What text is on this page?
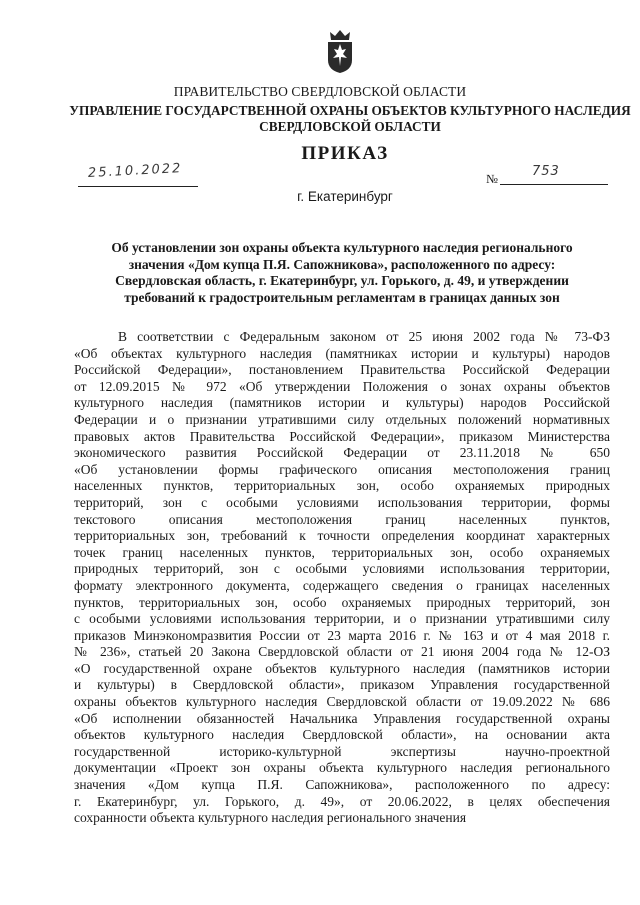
ПРАВИТЕЛЬСТВО СВЕРДЛОВСКОЙ ОБЛАСТИ
УПРАВЛЕНИЕ ГОСУДАРСТВЕННОЙ ОХРАНЫ ОБЪЕКТОВ КУЛЬТУРНОГО НАСЛЕДИЯ
СВЕРДЛОВСКОЙ ОБЛАСТИ
ПРИКАЗ
25.10.2022	№	753
г. Екатеринбург
Об установлении зон охраны объекта культурного наследия регионального
значения «Дом купца П.Я. Сапожникова», расположенного по адресу:
Свердловская область, г. Екатеринбург, ул. Горького, д. 49, и утверждении
требований к градостроительным регламентам в границах данных зон
В соответствии с Федеральным законом от 25 июня 2002 года № 73-ФЗ
«Об объектах культурного наследия (памятниках истории и культуры) народов
Российской Федерации», постановлением Правительства Российской Федерации
от 12.09.2015 № 972 «Об утверждении Положения о зонах охраны объектов
культурного наследия (памятников истории и культуры) народов Российской
Федерации и о признании утратившими силу отдельных положений нормативных
правовых актов Правительства Российской Федерации», приказом Министерства
экономического развития Российской Федерации от 23.11.2018 № 650
«Об установлении формы графического описания местоположения границ
населенных пунктов, территориальных зон, особо охраняемых природных
территорий, зон с особыми условиями использования территории, формы
текстового описания местоположения границ населенных пунктов,
территориальных зон, требований к точности определения координат характерных
точек границ населенных пунктов, территориальных зон, особо охраняемых
природных территорий, зон с особыми условиями использования территории,
формату электронного документа, содержащего сведения о границах населенных
пунктов, территориальных зон, особо охраняемых природных территорий, зон
с особыми условиями использования территории, и о признании утратившими силу
приказов Минэкономразвития России от 23 марта 2016 г. № 163 и от 4 мая 2018 г.
№ 236», статьей 20 Закона Свердловской области от 21 июня 2004 года № 12-ОЗ
«О государственной охране объектов культурного наследия (памятников истории
и культуры) в Свердловской области», приказом Управления государственной
охраны объектов культурного наследия Свердловской области от 19.09.2022 № 686
«Об исполнении обязанностей Начальника Управления государственной охраны
объектов культурного наследия Свердловской области», на основании акта
государственной историко-культурной экспертизы научно-проектной
документации «Проект зон охраны объекта культурного наследия регионального
значения «Дом купца П.Я. Сапожникова», расположенного по адресу:
г. Екатеринбург, ул. Горького, д. 49», от 20.06.2022, в целях обеспечения
сохранности объекта культурного наследия регионального значения
